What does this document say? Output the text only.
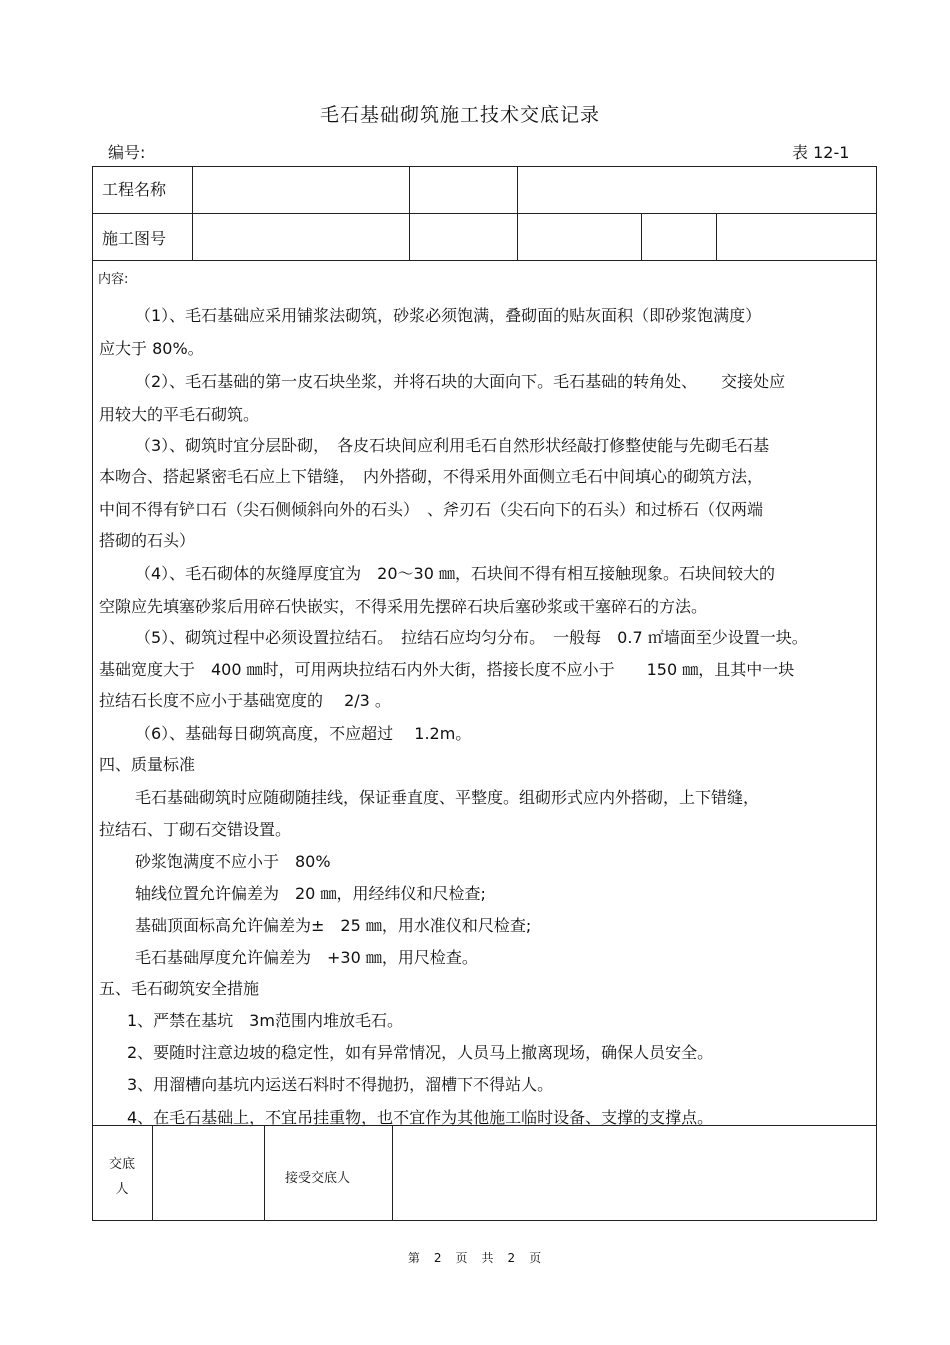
毛石基础砌筑施工技术交底记录
编号:	表 12-1
工程名称
施工图号
内容:
（1）、毛石基础应采用铺浆法砌筑，砂浆必须饱满，叠砌面的贴灰面积（即砂浆饱满度）
应大于 80%。
（2）、毛石基础的第一皮石块坐浆，并将石块的大面向下。毛石基础的转角处、　　交接处应
用较大的平毛石砌筑。
（3）、砌筑时宜分层卧砌，　各皮石块间应利用毛石自然形状经敲打修整使能与先砌毛石基
本吻合、搭起紧密毛石应上下错缝，　内外搭砌，不得采用外面侧立毛石中间填心的砌筑方法，
中间不得有铲口石（尖石侧倾斜向外的石头）　、斧刃石（尖石向下的石头）和过桥石（仅两端
搭砌的石头）
（4）、毛石砌体的灰缝厚度宜为　20～30 ㎜，石块间不得有相互接触现象。石块间较大的
空隙应先填塞砂浆后用碎石快嵌实，不得采用先摆碎石块后塞砂浆或干塞碎石的方法。
（5）、砌筑过程中必须设置拉结石。　拉结石应均匀分布。　一般每　0.7 ㎡墙面至少设置一块。
基础宽度大于　400 ㎜时，可用两块拉结石内外大街，搭接长度不应小于　　150 ㎜，且其中一块
拉结石长度不应小于基础宽度的　 2/3 。
（6）、基础每日砌筑高度，不应超过　 1.2m。
四、质量标准
毛石基础砌筑时应随砌随挂线，保证垂直度、平整度。组砌形式应内外搭砌，上下错缝，
拉结石、丁砌石交错设置。
砂浆饱满度不应小于　80%
轴线位置允许偏差为　20 ㎜，用经纬仪和尺检查;
基础顶面标高允许偏差为±　25 ㎜，用水准仪和尺检查;
毛石基础厚度允许偏差为　+30 ㎜，用尺检查。
五、毛石砌筑安全措施
1、严禁在基坑　3m范围内堆放毛石。
2、要随时注意边坡的稳定性，如有异常情况，人员马上撤离现场，确保人员安全。
3、用溜槽向基坑内运送石料时不得抛扔，溜槽下不得站人。
4、在毛石基础上，不宜吊挂重物，也不宜作为其他施工临时设备、支撑的支撑点。
交底
人
接受交底人
第　2　页　共　2　页
